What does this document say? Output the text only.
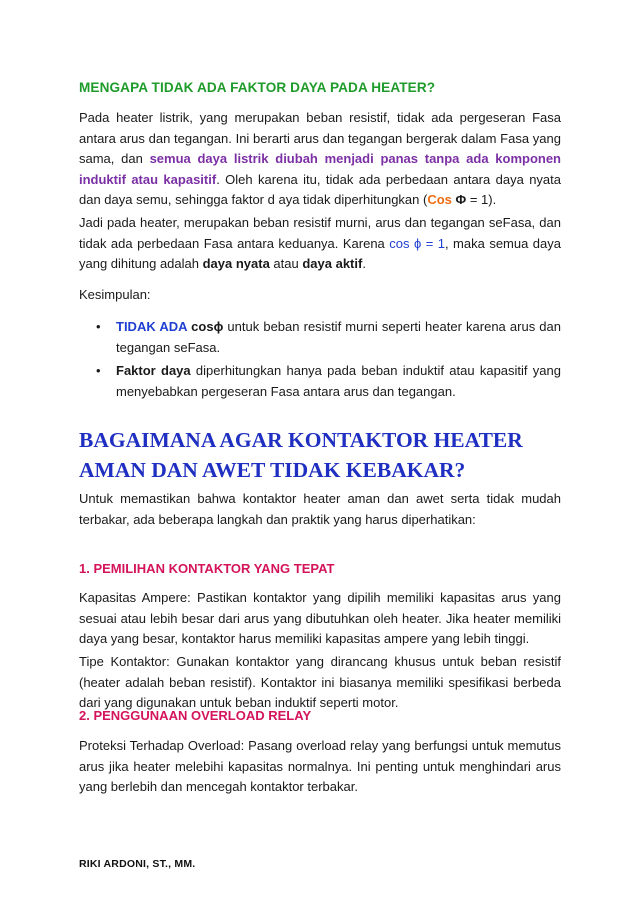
MENGAPA TIDAK ADA FAKTOR DAYA PADA HEATER?

Pada heater listrik, yang merupakan beban resistif, tidak ada pergeseran Fasa antara arus dan tegangan. Ini berarti arus dan tegangan bergerak dalam Fasa yang sama, dan semua daya listrik diubah menjadi panas tanpa ada komponen induktif atau kapasitif. Oleh karena itu, tidak ada perbedaan antara daya nyata dan daya semu, sehingga faktor d aya tidak diperhitungkan (Cos Φ = 1).

Jadi pada heater, merupakan beban resistif murni, arus dan tegangan seFasa, dan tidak ada perbedaan Fasa antara keduanya. Karena cos ϕ = 1, maka semua daya yang dihitung adalah daya nyata atau daya aktif.

Kesimpulan:

• TIDAK ADA cosϕ untuk beban resistif murni seperti heater karena arus dan tegangan seFasa.
• Faktor daya diperhitungkan hanya pada beban induktif atau kapasitif yang menyebabkan pergeseran Fasa antara arus dan tegangan.
BAGAIMANA AGAR KONTAKTOR HEATER AMAN DAN AWET TIDAK KEBAKAR?

Untuk memastikan bahwa kontaktor heater aman dan awet serta tidak mudah terbakar, ada beberapa langkah dan praktik yang harus diperhatikan:

1. PEMILIHAN KONTAKTOR YANG TEPAT

Kapasitas Ampere: Pastikan kontaktor yang dipilih memiliki kapasitas arus yang sesuai atau lebih besar dari arus yang dibutuhkan oleh heater. Jika heater memiliki daya yang besar, kontaktor harus memiliki kapasitas ampere yang lebih tinggi.

Tipe Kontaktor: Gunakan kontaktor yang dirancang khusus untuk beban resistif (heater adalah beban resistif). Kontaktor ini biasanya memiliki spesifikasi berbeda dari yang digunakan untuk beban induktif seperti motor.

2. PENGGUNAAN OVERLOAD RELAY

Proteksi Terhadap Overload: Pasang overload relay yang berfungsi untuk memutus arus jika heater melebihi kapasitas normalnya. Ini penting untuk menghindari arus yang berlebih dan mencegah kontaktor terbakar.

RIKI ARDONI, ST., MM.
